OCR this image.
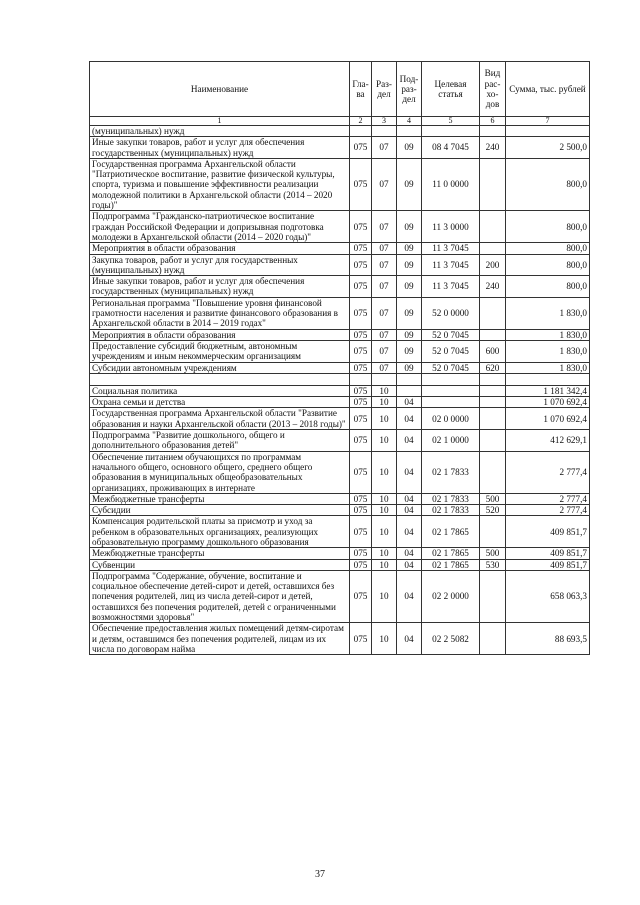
Наименование	Гла-ва	Раз-дел	Под-раз-дел	Целевая статья	Вид рас-хо-дов	Сумма, тыс. рублей
1	2	3	4	5	6	7
(муниципальных) нужд						
Иные закупки товаров, работ и услуг для обеспечения государственных (муниципальных) нужд	075	07	09	08 4 7045	240	2 500,0
Государственная программа Архангельской области "Патриотическое воспитание, развитие физической культуры, спорта, туризма и повышение эффективности реализации молодежной политики в Архангельской области (2014 – 2020 годы)"	075	07	09	11 0 0000		800,0
Подпрограмма "Гражданско-патриотическое воспитание граждан Российской Федерации и допризывная подготовка молодежи в Архангельской области (2014 – 2020 годы)"	075	07	09	11 3 0000		800,0
Мероприятия в области образования	075	07	09	11 3 7045		800,0
Закупка товаров, работ и услуг для государственных (муниципальных) нужд	075	07	09	11 3 7045	200	800,0
Иные закупки товаров, работ и услуг для обеспечения государственных (муниципальных) нужд	075	07	09	11 3 7045	240	800,0
Региональная программа "Повышение уровня финансовой грамотности населения и развитие финансового образования в Архангельской области в 2014 – 2019 годах"	075	07	09	52 0 0000		1 830,0
Мероприятия в области образования	075	07	09	52 0 7045		1 830,0
Предоставление субсидий бюджетным, автономным учреждениям и иным некоммерческим организациям	075	07	09	52 0 7045	600	1 830,0
Субсидии автономным учреждениям	075	07	09	52 0 7045	620	1 830,0

Социальная политика	075	10				1 181 342,4
Охрана семьи и детства	075	10	04			1 070 692,4
Государственная программа Архангельской области "Развитие образования и науки Архангельской области (2013 – 2018 годы)"	075	10	04	02 0 0000		1 070 692,4
Подпрограмма "Развитие дошкольного, общего и дополнительного образования детей"	075	10	04	02 1 0000		412 629,1
Обеспечение питанием обучающихся по программам начального общего, основного общего, среднего общего образования в муниципальных общеобразовательных организациях, проживающих в интернате	075	10	04	02 1 7833		2 777,4
Межбюджетные трансферты	075	10	04	02 1 7833	500	2 777,4
Субсидии	075	10	04	02 1 7833	520	2 777,4
Компенсация родительской платы за присмотр и уход за ребенком в образовательных организациях, реализующих образовательную программу дошкольного образования	075	10	04	02 1 7865		409 851,7
Межбюджетные трансферты	075	10	04	02 1 7865	500	409 851,7
Субвенции	075	10	04	02 1 7865	530	409 851,7
Подпрограмма "Содержание, обучение, воспитание и социальное обеспечение детей-сирот и детей, оставшихся без попечения родителей, лиц из числа детей-сирот и детей, оставшихся без попечения родителей, детей с ограниченными возможностями здоровья"	075	10	04	02 2 0000		658 063,3
Обеспечение предоставления жилых помещений детям-сиротам и детям, оставшимся без попечения родителей, лицам из их числа по договорам найма	075	10	04	02 2 5082		88 693,5
37
